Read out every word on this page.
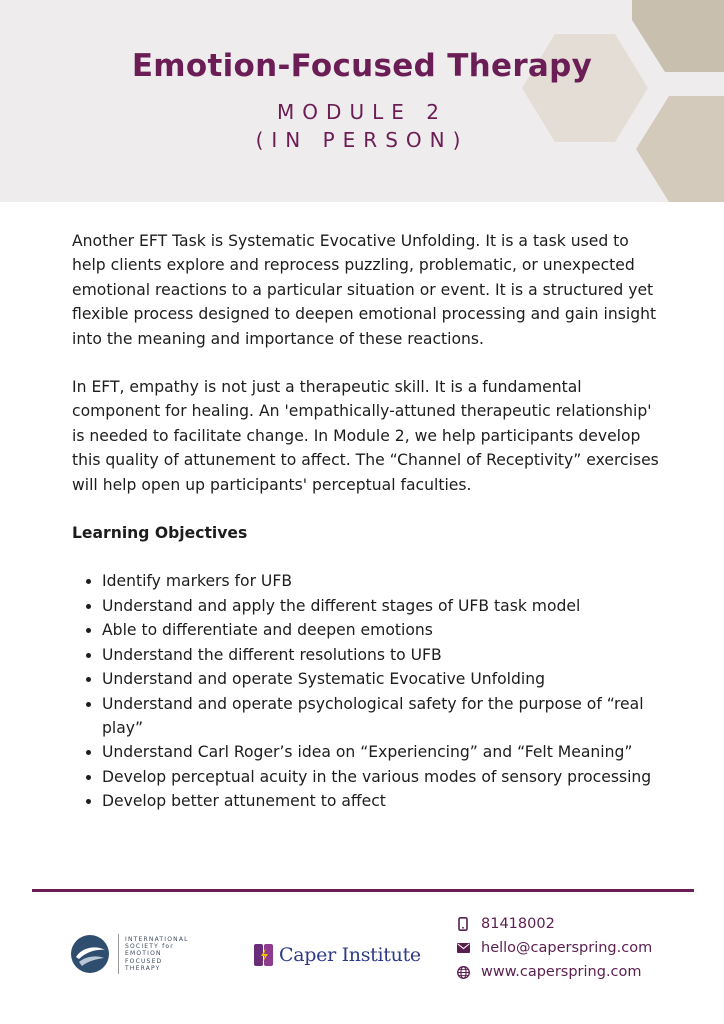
Emotion-Focused Therapy
MODULE 2
(IN PERSON)

Another EFT Task is Systematic Evocative Unfolding. It is a task used to help clients explore and reprocess puzzling, problematic, or unexpected emotional reactions to a particular situation or event. It is a structured yet flexible process designed to deepen emotional processing and gain insight into the meaning and importance of these reactions.

In EFT, empathy is not just a therapeutic skill. It is a fundamental component for healing. An 'empathically-attuned therapeutic relationship' is needed to facilitate change. In Module 2, we help participants develop this quality of attunement to affect. The “Channel of Receptivity” exercises will help open up participants' perceptual faculties.

Learning Objectives
• Identify markers for UFB
• Understand and apply the different stages of UFB task model
• Able to differentiate and deepen emotions
• Understand the different resolutions to UFB
• Understand and operate Systematic Evocative Unfolding
• Understand and operate psychological safety for the purpose of “real play”
• Understand Carl Roger’s idea on “Experiencing” and “Felt Meaning”
• Develop perceptual acuity in the various modes of sensory processing
• Develop better attunement to affect
INTERNATIONAL
SOCIETY for
EMOTION
FOCUSED
THERAPY
Caper Institute
81418002
hello@caperspring.com
www.caperspring.com
